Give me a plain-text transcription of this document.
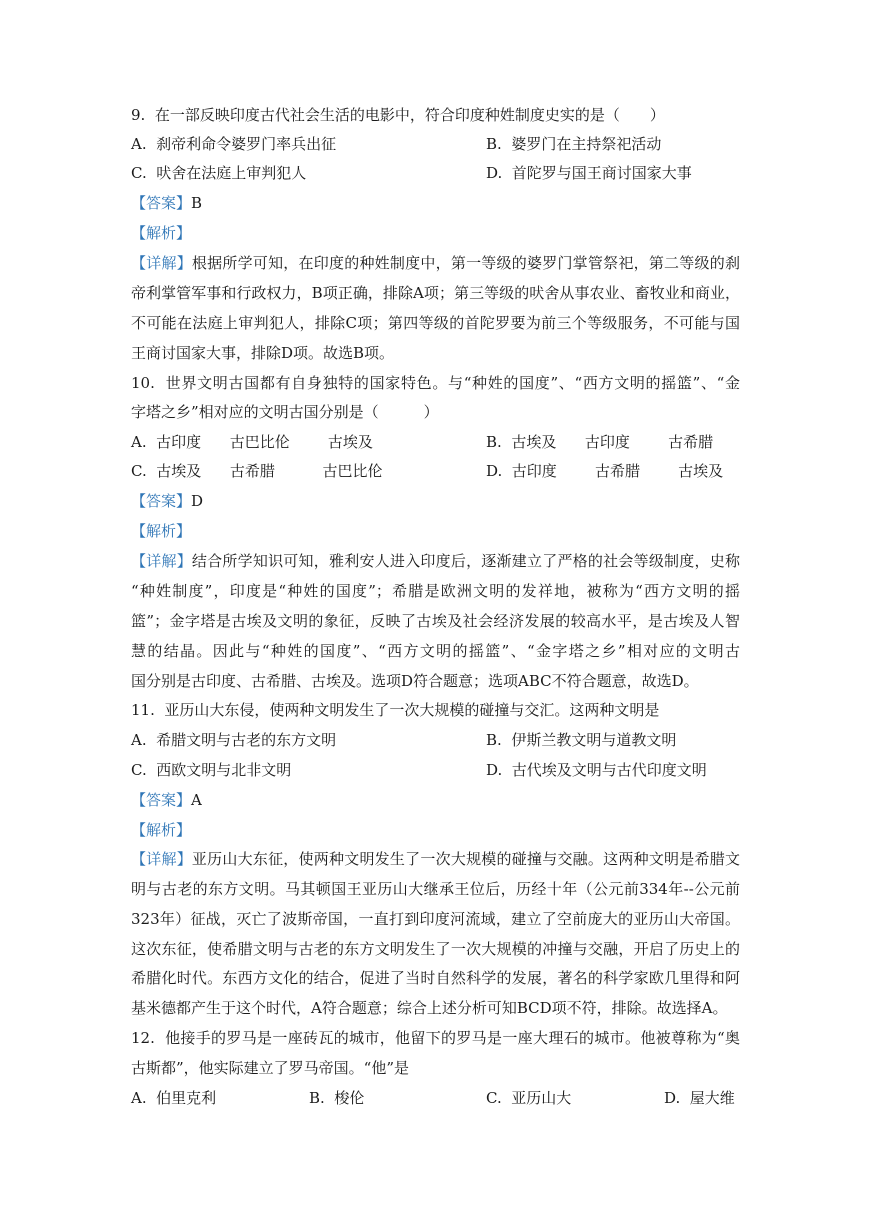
9. 在一部反映印度古代社会生活的电影中，符合印度种姓制度史实的是（　　）
A.  刹帝利命令婆罗门率兵出征	B.  婆罗门在主持祭祀活动
C.  吠舍在法庭上审判犯人	D.  首陀罗与国王商讨国家大事
【答案】B
【解析】
【详解】根据所学可知，在印度的种姓制度中，第一等级的婆罗门掌管祭祀，第二等级的刹
帝利掌管军事和行政权力，B项正确，排除A项；第三等级的吠舍从事农业、畜牧业和商业，
不可能在法庭上审判犯人，排除C项；第四等级的首陀罗要为前三个等级服务，不可能与国
王商讨国家大事，排除D项。故选B项。
10. 世界文明古国都有自身独特的国家特色。与“种姓的国度”、“西方文明的摇篮”、“金
字塔之乡”相对应的文明古国分别是（　　　）
A.  古印度      古巴比伦        古埃及	B.  古埃及      古印度        古希腊
C.  古埃及      古希腊          古巴比伦	D.  古印度        古希腊        古埃及
【答案】D
【解析】
【详解】结合所学知识可知，雅利安人进入印度后，逐渐建立了严格的社会等级制度，史称
“种姓制度”，印度是“种姓的国度”；希腊是欧洲文明的发祥地，被称为“西方文明的摇
篮”；金字塔是古埃及文明的象征，反映了古埃及社会经济发展的较高水平，是古埃及人智
慧的结晶。因此与“种姓的国度”、“西方文明的摇篮”、“金字塔之乡”相对应的文明古
国分别是古印度、古希腊、古埃及。选项D符合题意；选项ABC不符合题意，故选D。
11. 亚历山大东侵，使两种文明发生了一次大规模的碰撞与交汇。这两种文明是
A.  希腊文明与古老的东方文明	B.  伊斯兰教文明与道教文明
C.  西欧文明与北非文明	D.  古代埃及文明与古代印度文明
【答案】A
【解析】
【详解】亚历山大东征，使两种文明发生了一次大规模的碰撞与交融。这两种文明是希腊文
明与古老的东方文明。马其顿国王亚历山大继承王位后，历经十年（公元前334年--公元前
323年）征战，灭亡了波斯帝国，一直打到印度河流域，建立了空前庞大的亚历山大帝国。
这次东征，使希腊文明与古老的东方文明发生了一次大规模的冲撞与交融，开启了历史上的
希腊化时代。东西方文化的结合，促进了当时自然科学的发展，著名的科学家欧几里得和阿
基米德都产生于这个时代，A符合题意；综合上述分析可知BCD项不符，排除。故选择A。
12. 他接手的罗马是一座砖瓦的城市，他留下的罗马是一座大理石的城市。他被尊称为“奥
古斯都”，他实际建立了罗马帝国。“他”是
A.  伯里克利	B.  梭伦	C.  亚历山大	D.  屋大维
